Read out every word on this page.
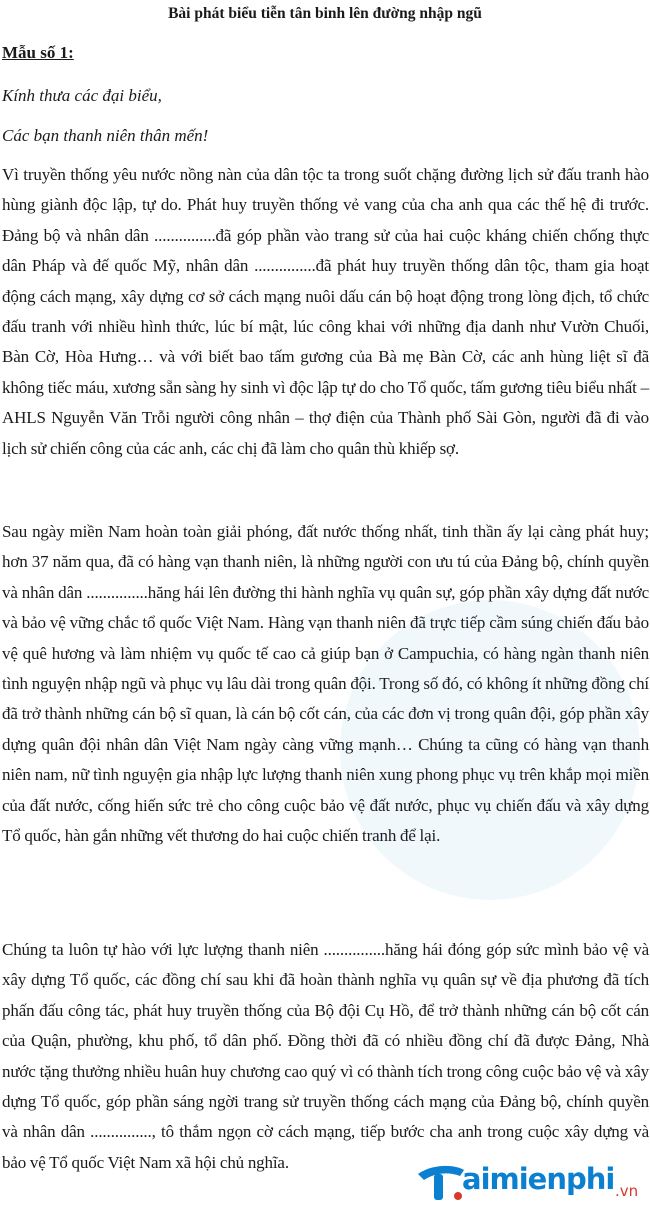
Bài phát biểu tiễn tân binh lên đường nhập ngũ
Mẫu số 1:
Kính thưa các đại biểu,
Các bạn thanh niên thân mến!
Vì truyền thống yêu nước nồng nàn của dân tộc ta trong suốt chặng đường lịch sử đấu tranh hào hùng giành độc lập, tự do. Phát huy truyền thống vẻ vang của cha anh qua các thế hệ đi trước. Đảng bộ và nhân dân ...............đã góp phần vào trang sử của hai cuộc kháng chiến chống thực dân Pháp và đế quốc Mỹ, nhân dân ...............đã phát huy truyền thống dân tộc, tham gia hoạt động cách mạng, xây dựng cơ sở cách mạng nuôi dấu cán bộ hoạt động trong lòng địch, tổ chức đấu tranh với nhiều hình thức, lúc bí mật, lúc công khai với những địa danh như Vườn Chuối, Bàn Cờ, Hòa Hưng… và với biết bao tấm gương của Bà mẹ Bàn Cờ, các anh hùng liệt sĩ đã không tiếc máu, xương sẵn sàng hy sinh vì độc lập tự do cho Tổ quốc, tấm gương tiêu biểu nhất – AHLS Nguyễn Văn Trỗi người công nhân – thợ điện của Thành phố Sài Gòn, người đã đi vào lịch sử chiến công của các anh, các chị đã làm cho quân thù khiếp sợ.
Sau ngày miền Nam hoàn toàn giải phóng, đất nước thống nhất, tinh thần ấy lại càng phát huy; hơn 37 năm qua, đã có hàng vạn thanh niên, là những người con ưu tú của Đảng bộ, chính quyền và nhân dân ...............hăng hái lên đường thi hành nghĩa vụ quân sự, góp phần xây dựng đất nước và bảo vệ vững chắc tổ quốc Việt Nam. Hàng vạn thanh niên đã trực tiếp cầm súng chiến đấu bảo vệ quê hương và làm nhiệm vụ quốc tế cao cả giúp bạn ở Campuchia, có hàng ngàn thanh niên tình nguyện nhập ngũ và phục vụ lâu dài trong quân đội. Trong số đó, có không ít những đồng chí đã trở thành những cán bộ sĩ quan, là cán bộ cốt cán, của các đơn vị trong quân đội, góp phần xây dựng quân đội nhân dân Việt Nam ngày càng vững mạnh… Chúng ta cũng có hàng vạn thanh niên nam, nữ tình nguyện gia nhập lực lượng thanh niên xung phong phục vụ trên khắp mọi miền của đất nước, cống hiến sức trẻ cho công cuộc bảo vệ đất nước, phục vụ chiến đấu và xây dựng Tổ quốc, hàn gắn những vết thương do hai cuộc chiến tranh để lại.
Chúng ta luôn tự hào với lực lượng thanh niên ...............hăng hái đóng góp sức mình bảo vệ và xây dựng Tổ quốc, các đồng chí sau khi đã hoàn thành nghĩa vụ quân sự về địa phương đã tích phấn đấu công tác, phát huy truyền thống của Bộ đội Cụ Hồ, để trở thành những cán bộ cốt cán của Quận, phường, khu phố, tổ dân phố. Đồng thời đã có nhiều đồng chí đã được Đảng, Nhà nước tặng thưởng nhiều huân huy chương cao quý vì có thành tích trong công cuộc bảo vệ và xây dựng Tổ quốc, góp phần sáng ngời trang sử truyền thống cách mạng của Đảng bộ, chính quyền và nhân dân ..............., tô thắm ngọn cờ cách mạng, tiếp bước cha anh trong cuộc xây dựng và bảo vệ Tổ quốc Việt Nam xã hội chủ nghĩa.	aimienphi .vn
